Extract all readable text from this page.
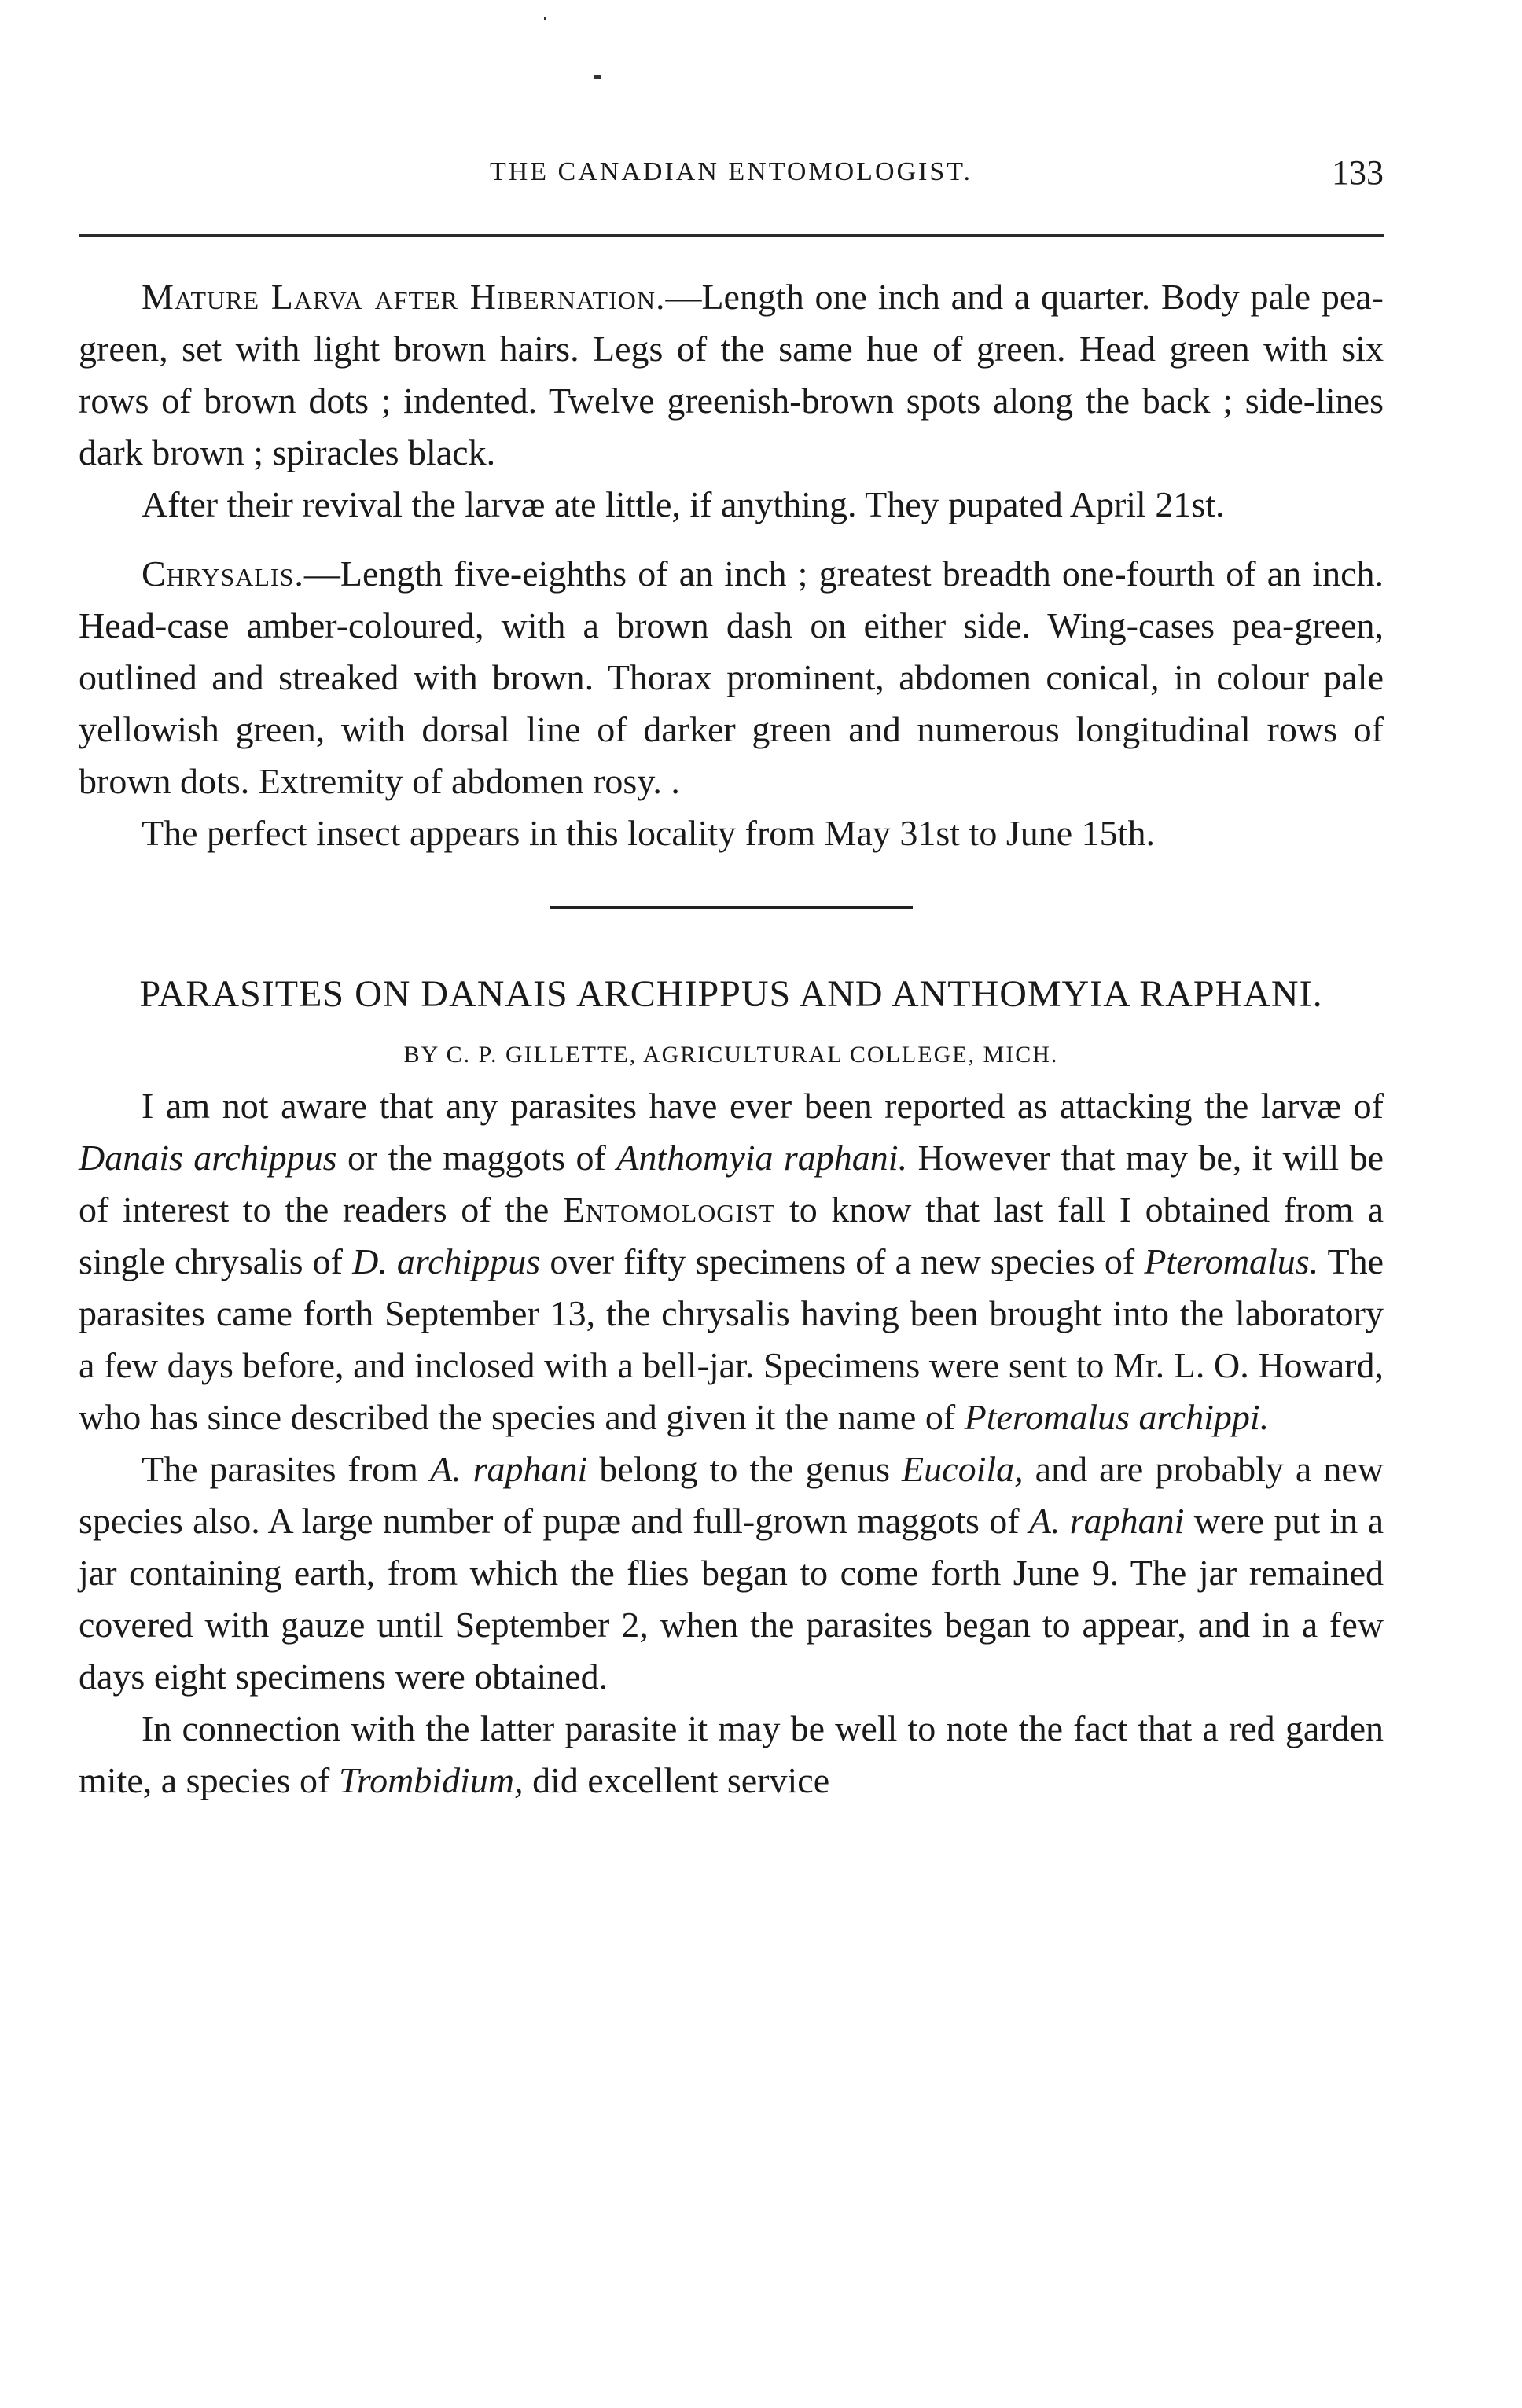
THE CANADIAN ENTOMOLOGIST.	133

Mature Larva after Hibernation.—Length one inch and a quarter. Body pale pea-green, set with light brown hairs. Legs of the same hue of green. Head green with six rows of brown dots ; indented. Twelve greenish-brown spots along the back ; side-lines dark brown ; spiracles black.

After their revival the larvæ ate little, if anything. They pupated April 21st.

Chrysalis.—Length five-eighths of an inch ; greatest breadth one-fourth of an inch. Head-case amber-coloured, with a brown dash on either side. Wing-cases pea-green, outlined and streaked with brown. Thorax prominent, abdomen conical, in colour pale yellowish green, with dorsal line of darker green and numerous longitudinal rows of brown dots. Extremity of abdomen rosy. .

The perfect insect appears in this locality from May 31st to June 15th.

PARASITES ON DANAIS ARCHIPPUS AND ANTHOMYIA RAPHANI.
BY C. P. GILLETTE, AGRICULTURAL COLLEGE, MICH.

I am not aware that any parasites have ever been reported as attacking the larvæ of Danais archippus or the maggots of Anthomyia raphani. However that may be, it will be of interest to the readers of the Entomologist to know that last fall I obtained from a single chrysalis of D. archippus over fifty specimens of a new species of Pteromalus. The parasites came forth September 13, the chrysalis having been brought into the laboratory a few days before, and inclosed with a bell-jar. Specimens were sent to Mr. L. O. Howard, who has since described the species and given it the name of Pteromalus archippi.

The parasites from A. raphani belong to the genus Eucoila, and are probably a new species also. A large number of pupæ and full-grown maggots of A. raphani were put in a jar containing earth, from which the flies began to come forth June 9. The jar remained covered with gauze until September 2, when the parasites began to appear, and in a few days eight specimens were obtained.

In connection with the latter parasite it may be well to note the fact that a red garden mite, a species of Trombidium, did excellent service
